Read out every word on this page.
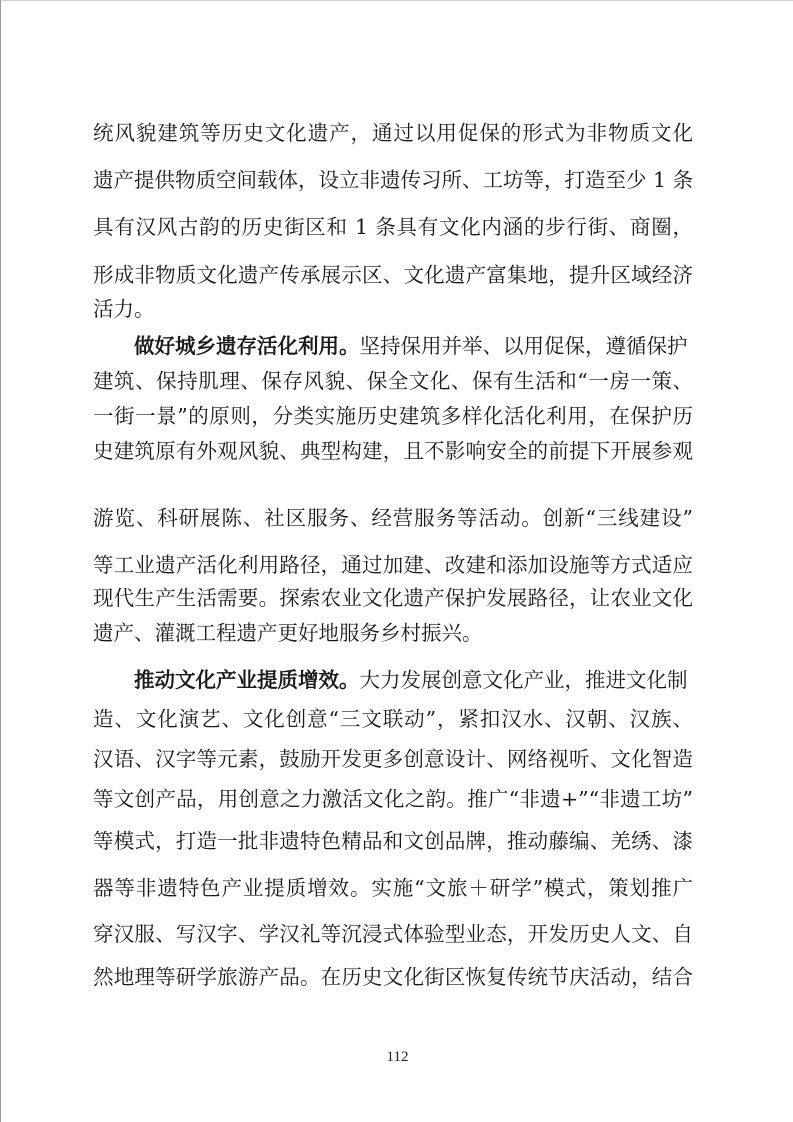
统风貌建筑等历史文化遗产，通过以用促保的形式为非物质文化
遗产提供物质空间载体，设立非遗传习所、工坊等，打造至少 1 条
具有汉风古韵的历史街区和 1 条具有文化内涵的步行街、商圈，
形成非物质文化遗产传承展示区、文化遗产富集地，提升区域经济
活力。
做好城乡遗存活化利用。坚持保用并举、以用促保，遵循保护
建筑、保持肌理、保存风貌、保全文化、保有生活和“一房一策、
一街一景”的原则，分类实施历史建筑多样化活化利用，在保护历
史建筑原有外观风貌、典型构建，且不影响安全的前提下开展参观
游览、科研展陈、社区服务、经营服务等活动。创新“三线建设”
等工业遗产活化利用路径，通过加建、改建和添加设施等方式适应
现代生产生活需要。探索农业文化遗产保护发展路径，让农业文化
遗产、灌溉工程遗产更好地服务乡村振兴。
推动文化产业提质增效。大力发展创意文化产业，推进文化制
造、文化演艺、文化创意“三文联动”，紧扣汉水、汉朝、汉族、
汉语、汉字等元素，鼓励开发更多创意设计、网络视听、文化智造
等文创产品，用创意之力激活文化之韵。推广“非遗+”“非遗工坊”
等模式，打造一批非遗特色精品和文创品牌，推动藤编、羌绣、漆
器等非遗特色产业提质增效。实施“文旅＋研学”模式，策划推广
穿汉服、写汉字、学汉礼等沉浸式体验型业态，开发历史人文、自
然地理等研学旅游产品。在历史文化街区恢复传统节庆活动，结合
112
